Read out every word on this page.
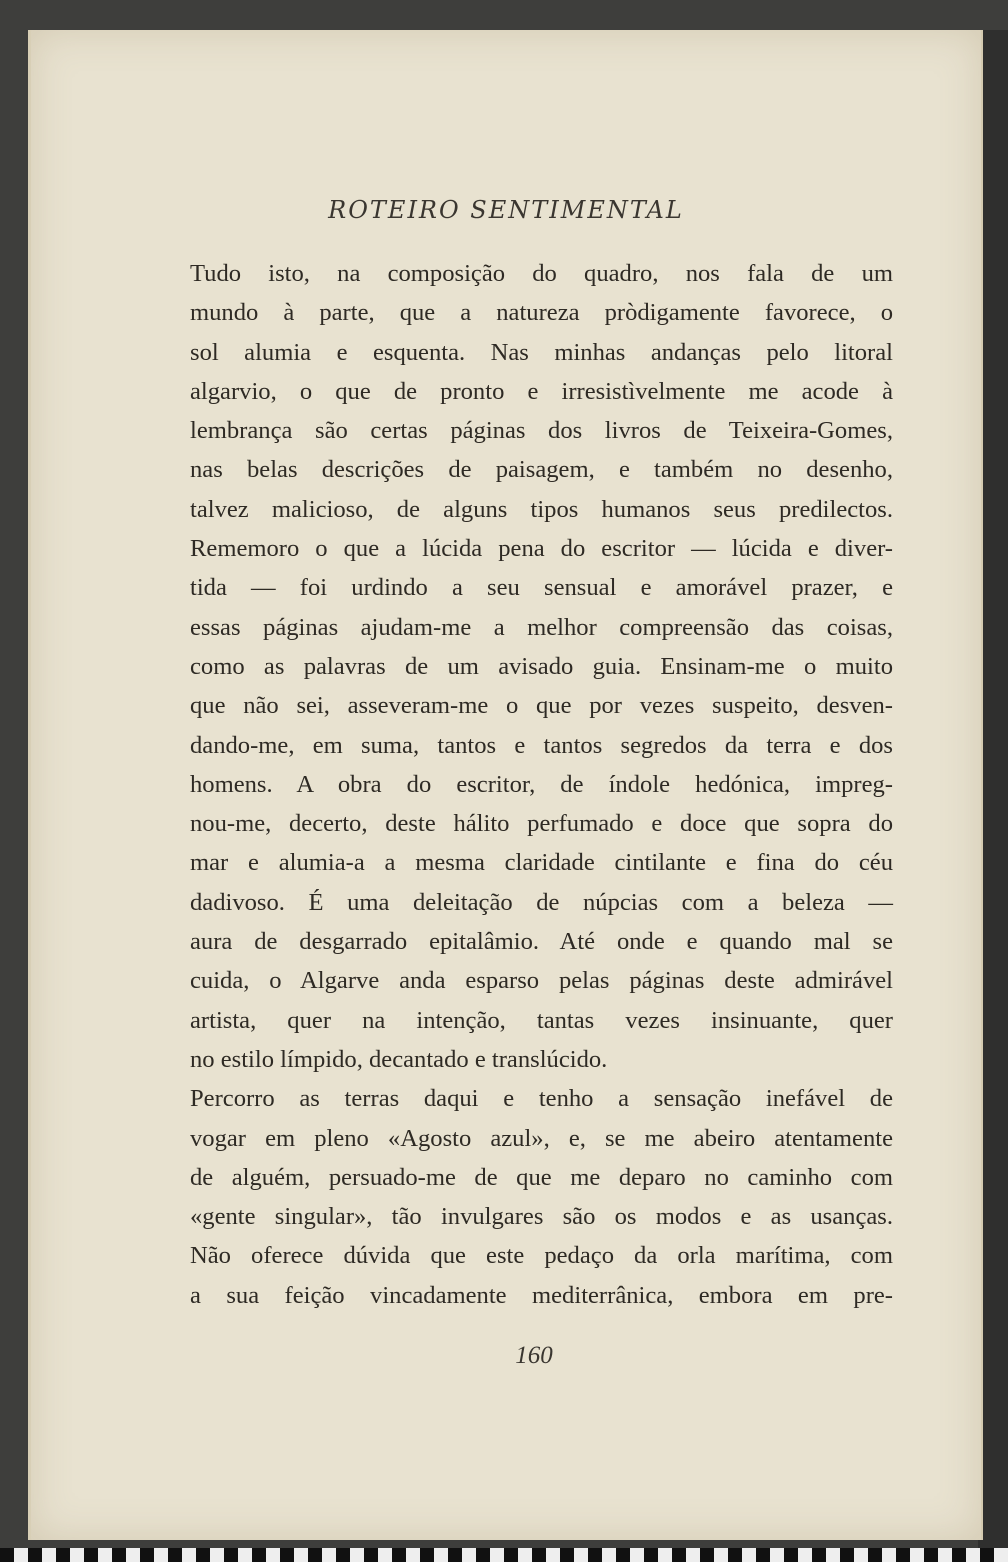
ROTEIRO SENTIMENTAL

Tudo isto, na composição do quadro, nos fala de um
mundo à parte, que a natureza pròdigamente favorece, o
sol alumia e esquenta. Nas minhas andanças pelo litoral
algarvio, o que de pronto e irresistìvelmente me acode à
lembrança são certas páginas dos livros de Teixeira-Gomes,
nas belas descrições de paisagem, e também no desenho,
talvez malicioso, de alguns tipos humanos seus predilectos.
Rememoro o que a lúcida pena do escritor — lúcida e diver-
tida — foi urdindo a seu sensual e amorável prazer, e
essas páginas ajudam-me a melhor compreensão das coisas,
como as palavras de um avisado guia. Ensinam-me o muito
que não sei, asseveram-me o que por vezes suspeito, desven-
dando-me, em suma, tantos e tantos segredos da terra e dos
homens. A obra do escritor, de índole hedónica, impreg-
nou-me, decerto, deste hálito perfumado e doce que sopra do
mar e alumia-a a mesma claridade cintilante e fina do céu
dadivoso. É uma deleitação de núpcias com a beleza —
aura de desgarrado epitalâmio. Até onde e quando mal se
cuida, o Algarve anda esparso pelas páginas deste admirável
artista, quer na intenção, tantas vezes insinuante, quer
no estilo límpido, decantado e translúcido.

Percorro as terras daqui e tenho a sensação inefável de
vogar em pleno «Agosto azul», e, se me abeiro atentamente
de alguém, persuado-me de que me deparo no caminho com
«gente singular», tão invulgares são os modos e as usanças.
Não oferece dúvida que este pedaço da orla marítima, com
a sua feição vincadamente mediterrânica, embora em pre-

160
